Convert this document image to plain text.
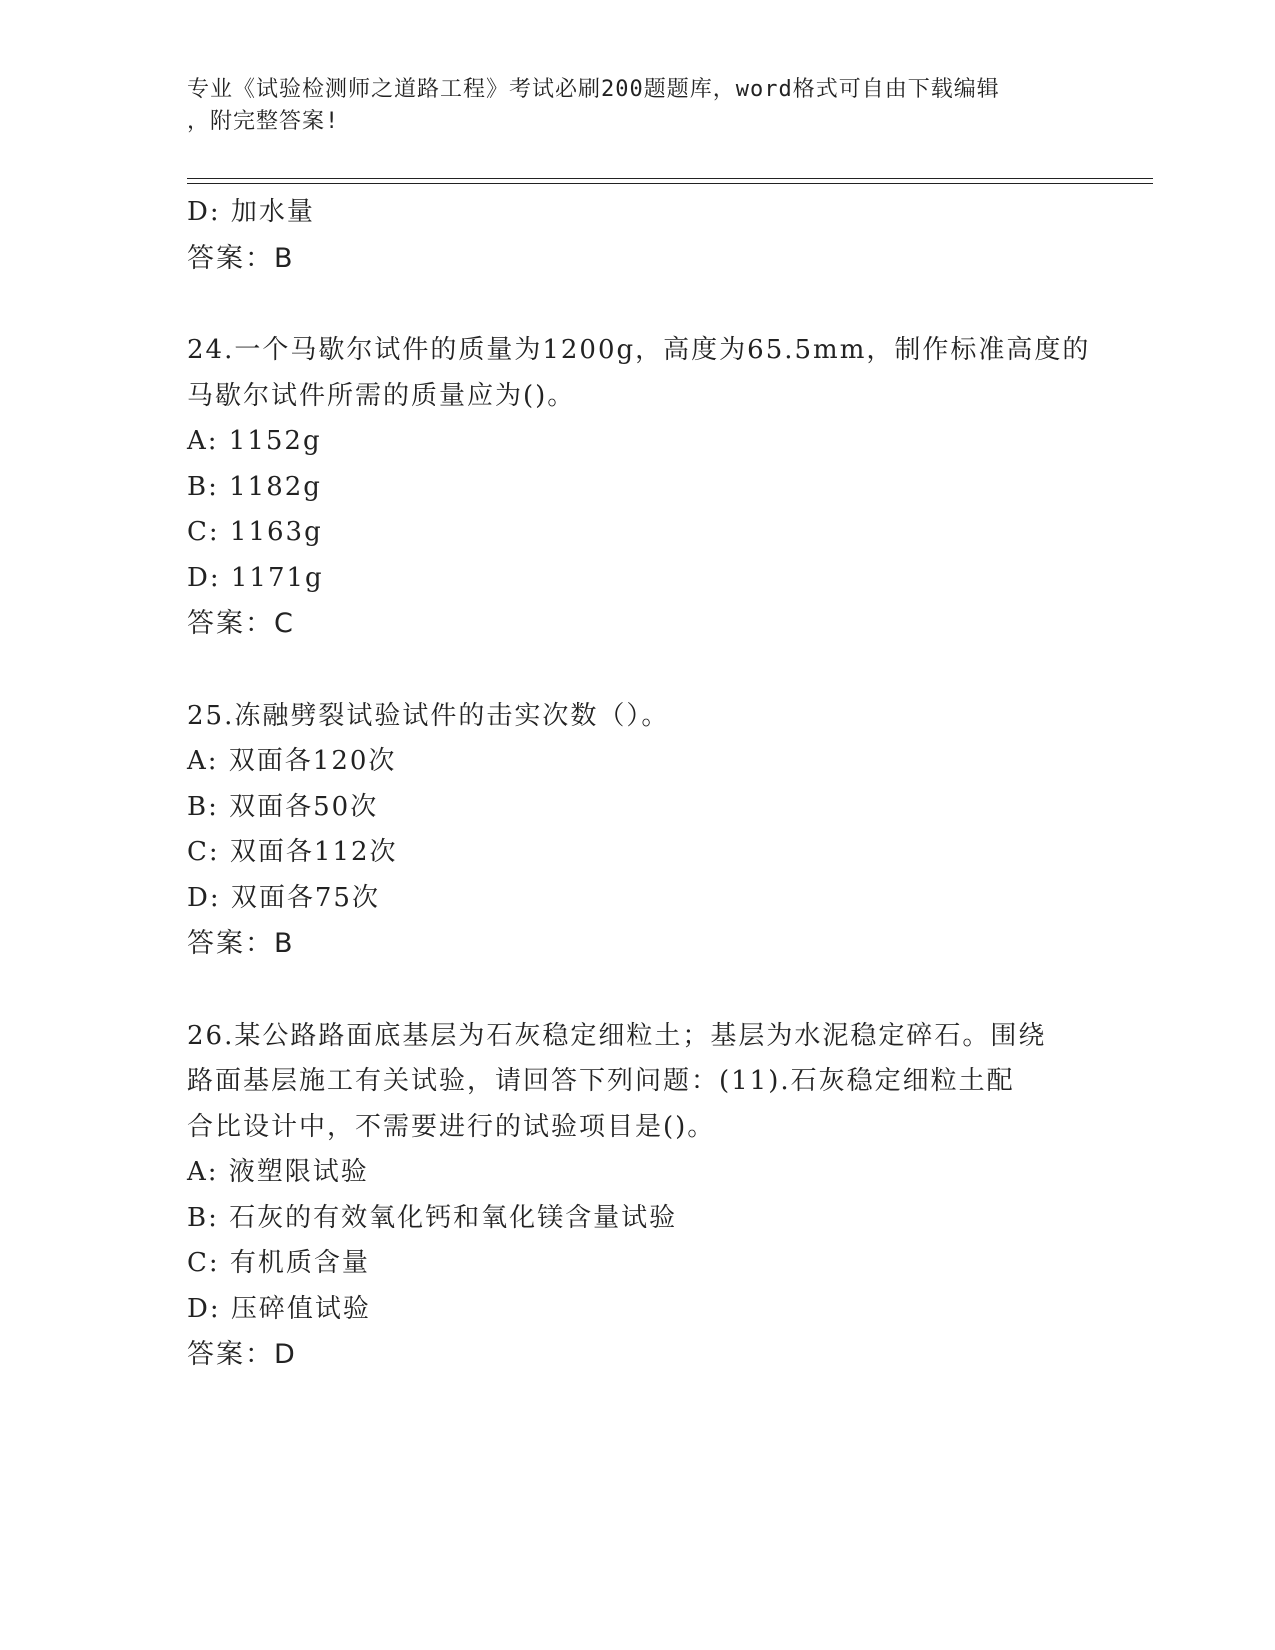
专业《试验检测师之道路工程》考试必刷200题题库，word格式可自由下载编辑
，附完整答案!
D: 加水量
答案：B
24.一个马歇尔试件的质量为1200g，高度为65.5mm，制作标准高度的
马歇尔试件所需的质量应为()。
A: 1152g
B: 1182g
C: 1163g
D: 1171g
答案：C
25.冻融劈裂试验试件的击实次数（）。
A: 双面各120次
B: 双面各50次
C: 双面各112次
D: 双面各75次
答案：B
26.某公路路面底基层为石灰稳定细粒土；基层为水泥稳定碎石。围绕
路面基层施工有关试验，请回答下列问题：(11).石灰稳定细粒土配
合比设计中，不需要进行的试验项目是()。
A: 液塑限试验
B: 石灰的有效氧化钙和氧化镁含量试验
C: 有机质含量
D: 压碎值试验
答案：D
